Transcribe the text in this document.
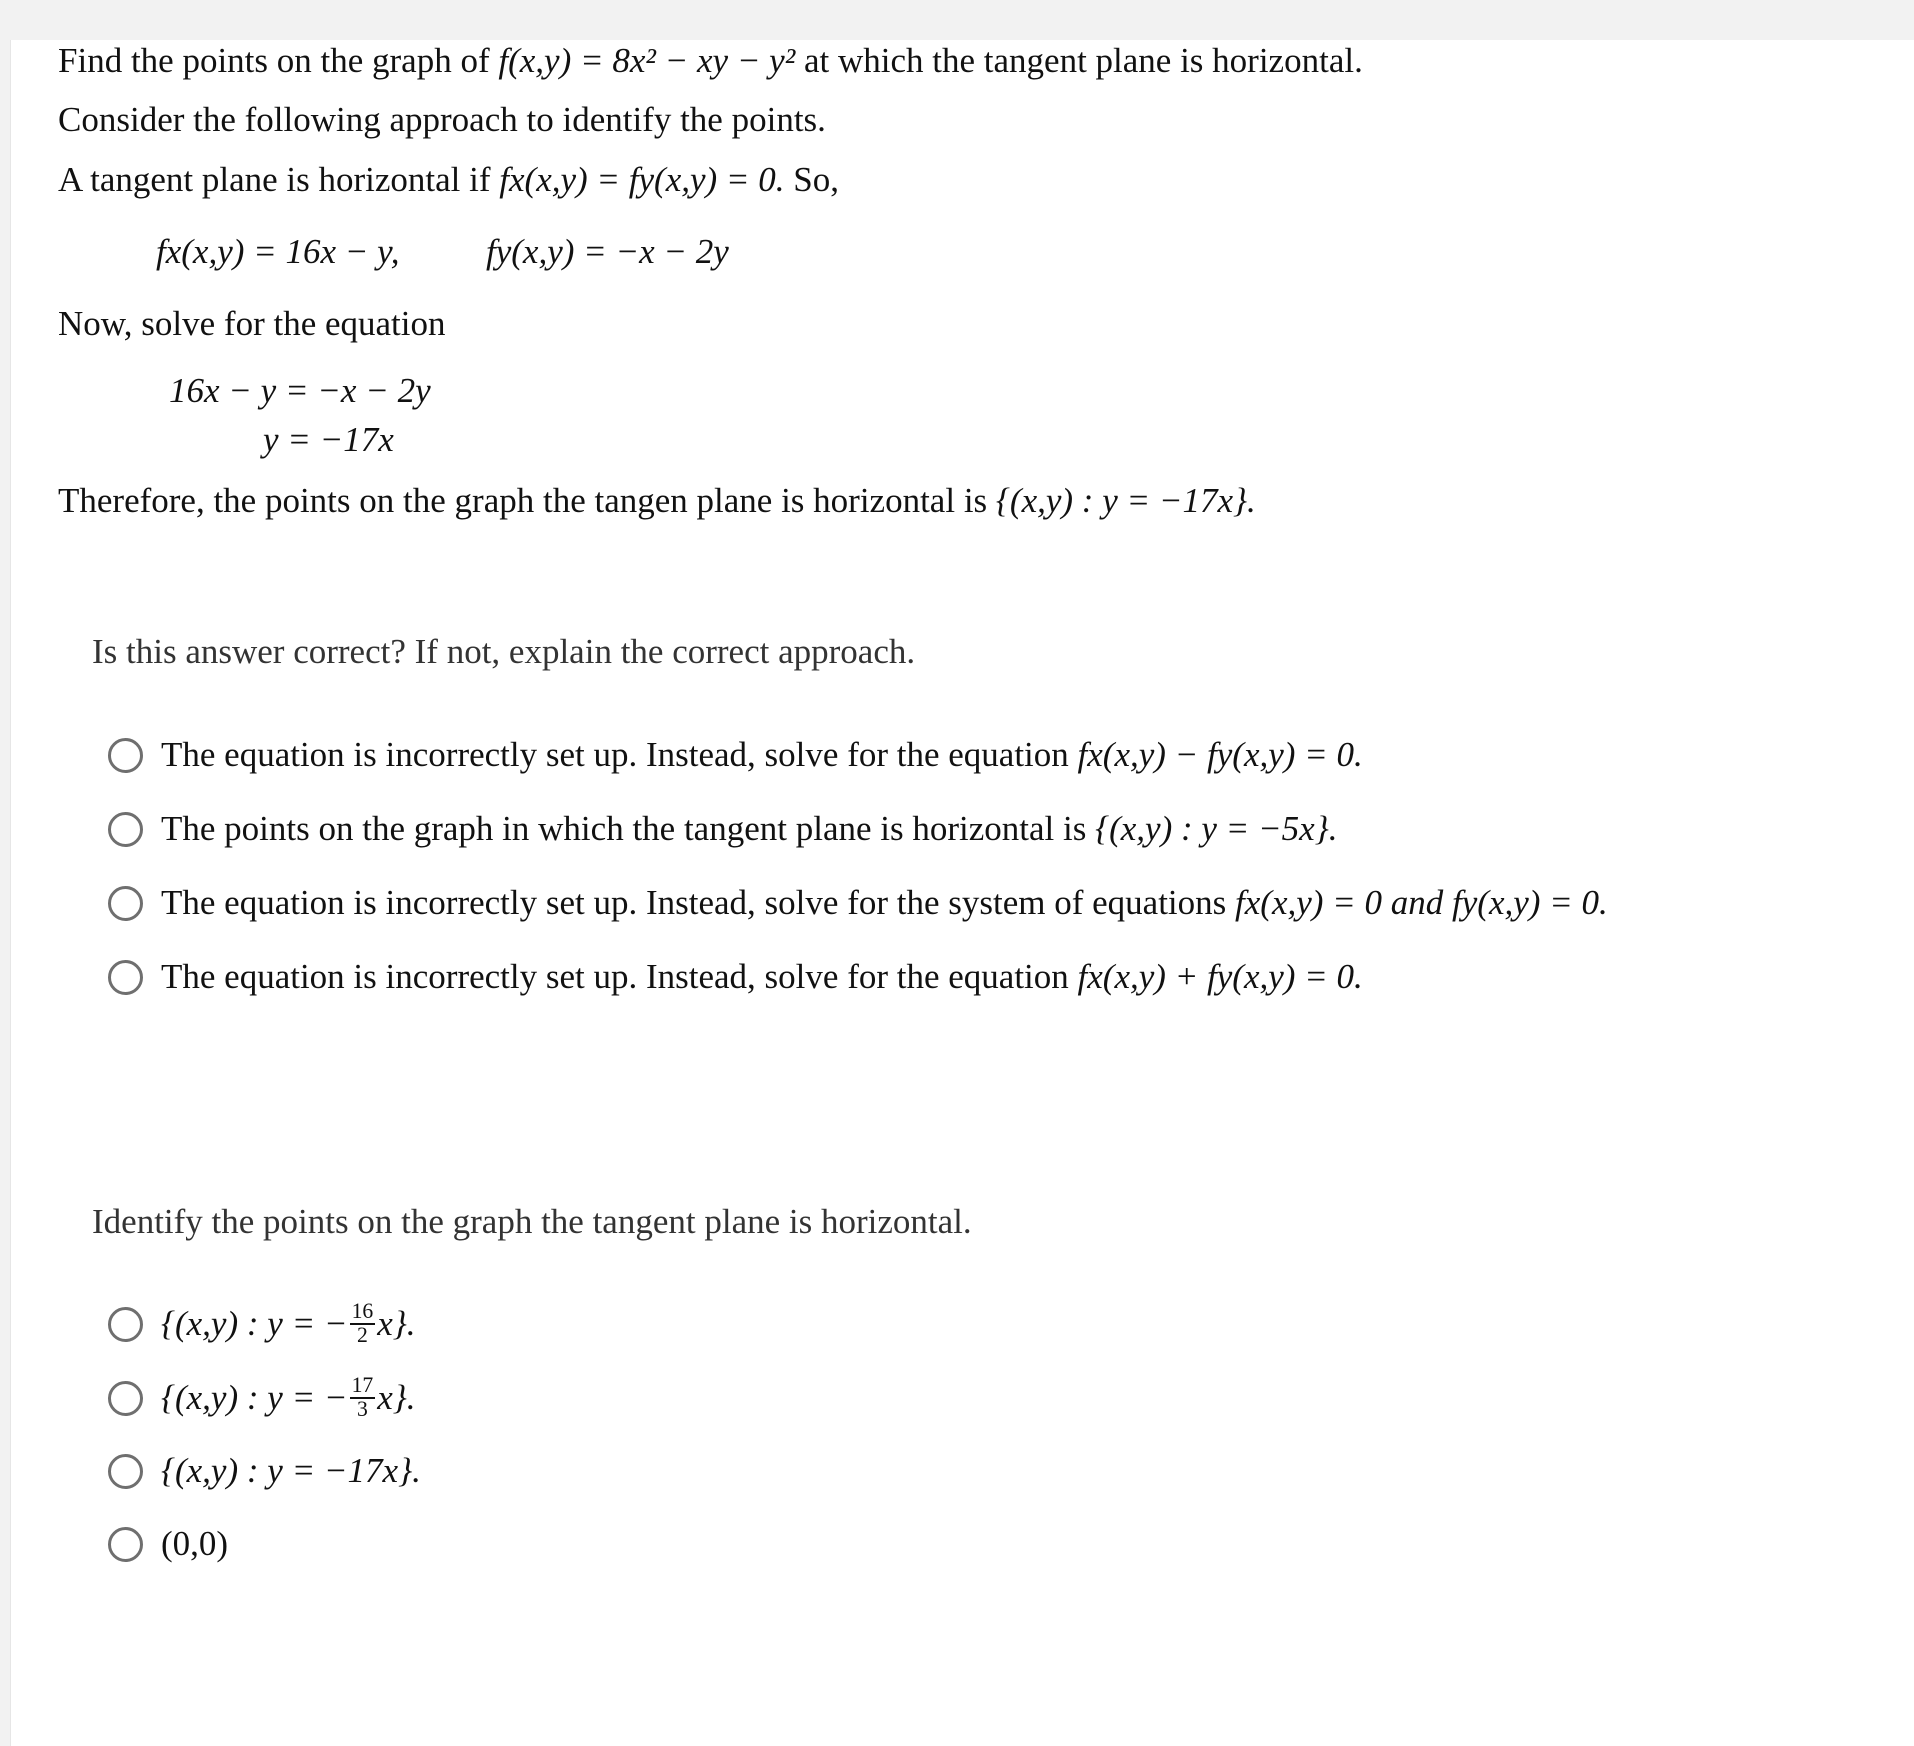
Find the points on the graph of f(x,y) = 8x² − xy − y² at which the tangent plane is horizontal.
Consider the following approach to identify the points.
A tangent plane is horizontal if fx(x,y) = fy(x,y) = 0. So,
fx(x,y) = 16x − y, fy(x,y) = −x − 2y
Now, solve for the equation
16x − y = −x − 2y
y = −17x
Therefore, the points on the graph the tangen plane is horizontal is {(x,y) : y = −17x}.
Is this answer correct? If not, explain the correct approach.
The equation is incorrectly set up. Instead, solve for the equation
fx(x,y) − fy(x,y) = 0.
The points on the graph in which the tangent plane is horizontal is
{(x,y) : y = −5x}.
The equation is incorrectly set up. Instead, solve for the system of equations
fx(x,y) = 0 and fy(x,y) = 0.
The equation is incorrectly set up. Instead, solve for the equation
fx(x,y) + fy(x,y) = 0.
Identify the points on the graph the tangent plane is horizontal.
{(x,y) : y = − $\frac{16}{2} x$}.
{(x,y) : y = − $\frac{17}{3} x$}.
{(x,y) : y = −17x}.
(0,0)
